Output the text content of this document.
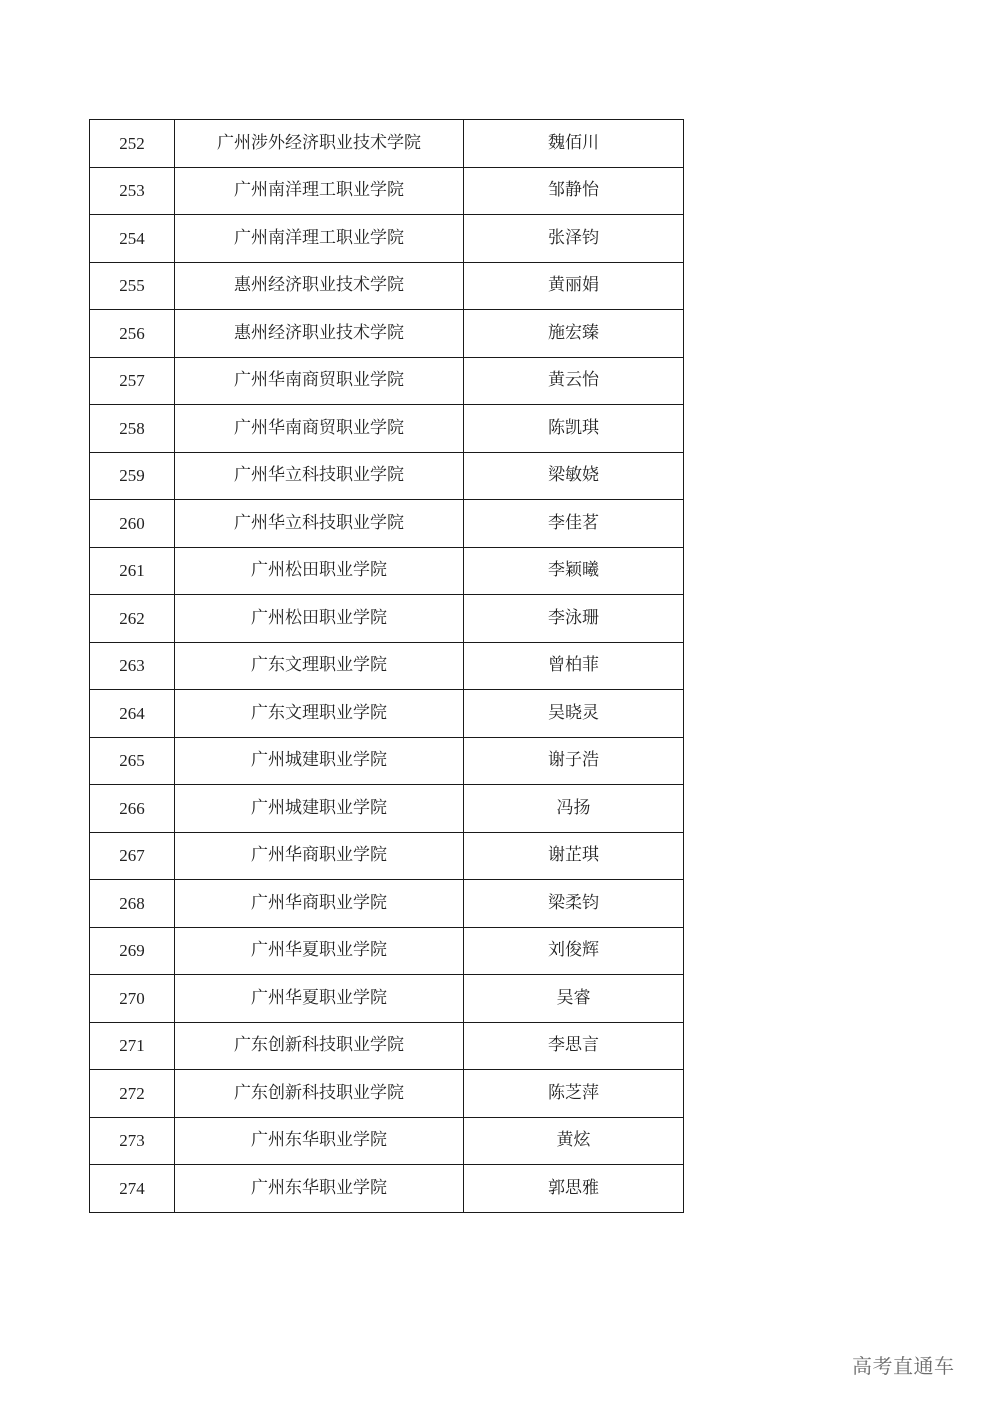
252	广州涉外经济职业技术学院	魏佰川
253	广州南洋理工职业学院	邹静怡
254	广州南洋理工职业学院	张泽钧
255	惠州经济职业技术学院	黄丽娟
256	惠州经济职业技术学院	施宏臻
257	广州华南商贸职业学院	黄云怡
258	广州华南商贸职业学院	陈凯琪
259	广州华立科技职业学院	梁敏娆
260	广州华立科技职业学院	李佳茗
261	广州松田职业学院	李颖曦
262	广州松田职业学院	李泳珊
263	广东文理职业学院	曾柏菲
264	广东文理职业学院	吴晓灵
265	广州城建职业学院	谢子浩
266	广州城建职业学院	冯扬
267	广州华商职业学院	谢芷琪
268	广州华商职业学院	梁柔钧
269	广州华夏职业学院	刘俊辉
270	广州华夏职业学院	吴睿
271	广东创新科技职业学院	李思言
272	广东创新科技职业学院	陈芝萍
273	广州东华职业学院	黄炫
274	广州东华职业学院	郭思雅
高考直通车
